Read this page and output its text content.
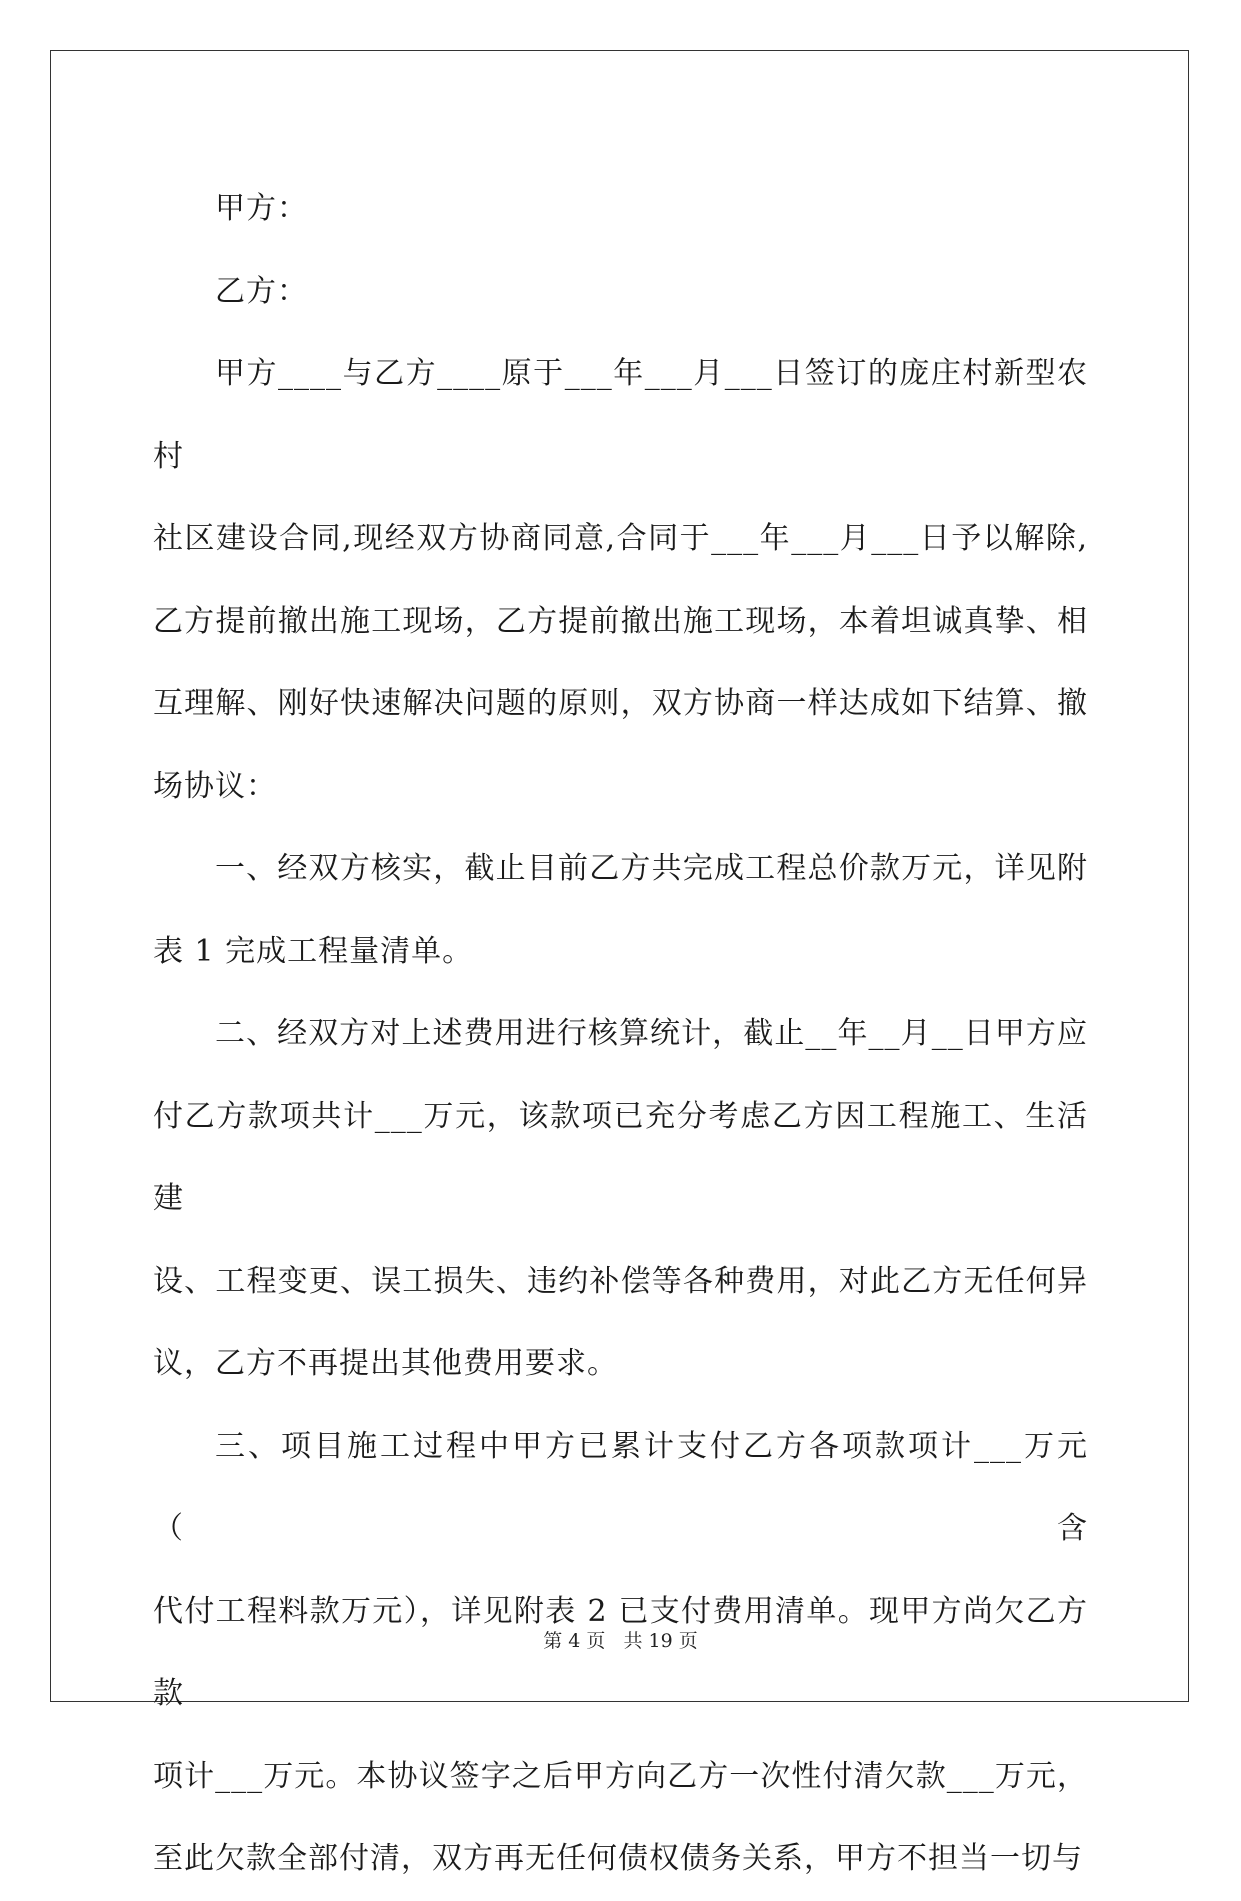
甲方：

乙方：

甲方____与乙方____原于___年___月___日签订的庞庄村新型农村
社区建设合同,现经双方协商同意,合同于___年___月___日予以解除,
乙方提前撤出施工现场，乙方提前撤出施工现场，本着坦诚真挚、相
互理解、刚好快速解决问题的原则，双方协商一样达成如下结算、撤
场协议：

一、经双方核实，截止目前乙方共完成工程总价款万元，详见附
表 1 完成工程量清单。

二、经双方对上述费用进行核算统计，截止__年__月__日甲方应
付乙方款项共计___万元，该款项已充分考虑乙方因工程施工、生活建
设、工程变更、误工损失、违约补偿等各种费用，对此乙方无任何异
议，乙方不再提出其他费用要求。

三、项目施工过程中甲方已累计支付乙方各项款项计___万元（含
代付工程料款万元），详见附表 2 已支付费用清单。现甲方尚欠乙方款
项计___万元。本协议签字之后甲方向乙方一次性付清欠款___万元，
至此欠款全部付清，双方再无任何债权债务关系，甲方不担当一切与

第 4 页 共 19 页
